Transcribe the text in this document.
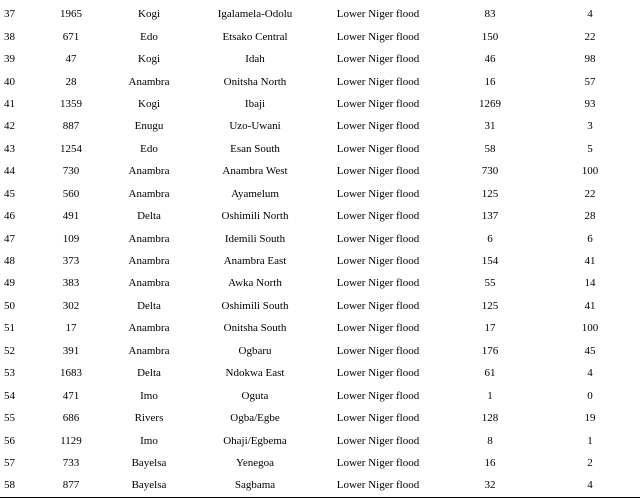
37	1965	Kogi	Igalamela-Odolu	Lower Niger flood	83	4
38	671	Edo	Etsako Central	Lower Niger flood	150	22
39	47	Kogi	Idah	Lower Niger flood	46	98
40	28	Anambra	Onitsha North	Lower Niger flood	16	57
41	1359	Kogi	Ibaji	Lower Niger flood	1269	93
42	887	Enugu	Uzo-Uwani	Lower Niger flood	31	3
43	1254	Edo	Esan South	Lower Niger flood	58	5
44	730	Anambra	Anambra West	Lower Niger flood	730	100
45	560	Anambra	Ayamelum	Lower Niger flood	125	22
46	491	Delta	Oshimili North	Lower Niger flood	137	28
47	109	Anambra	Idemili South	Lower Niger flood	6	6
48	373	Anambra	Anambra East	Lower Niger flood	154	41
49	383	Anambra	Awka North	Lower Niger flood	55	14
50	302	Delta	Oshimili South	Lower Niger flood	125	41
51	17	Anambra	Onitsha South	Lower Niger flood	17	100
52	391	Anambra	Ogbaru	Lower Niger flood	176	45
53	1683	Delta	Ndokwa East	Lower Niger flood	61	4
54	471	Imo	Oguta	Lower Niger flood	1	0
55	686	Rivers	Ogba/Egbe	Lower Niger flood	128	19
56	1129	Imo	Ohaji/Egbema	Lower Niger flood	8	1
57	733	Bayelsa	Yenegoa	Lower Niger flood	16	2
58	877	Bayelsa	Sagbama	Lower Niger flood	32	4
